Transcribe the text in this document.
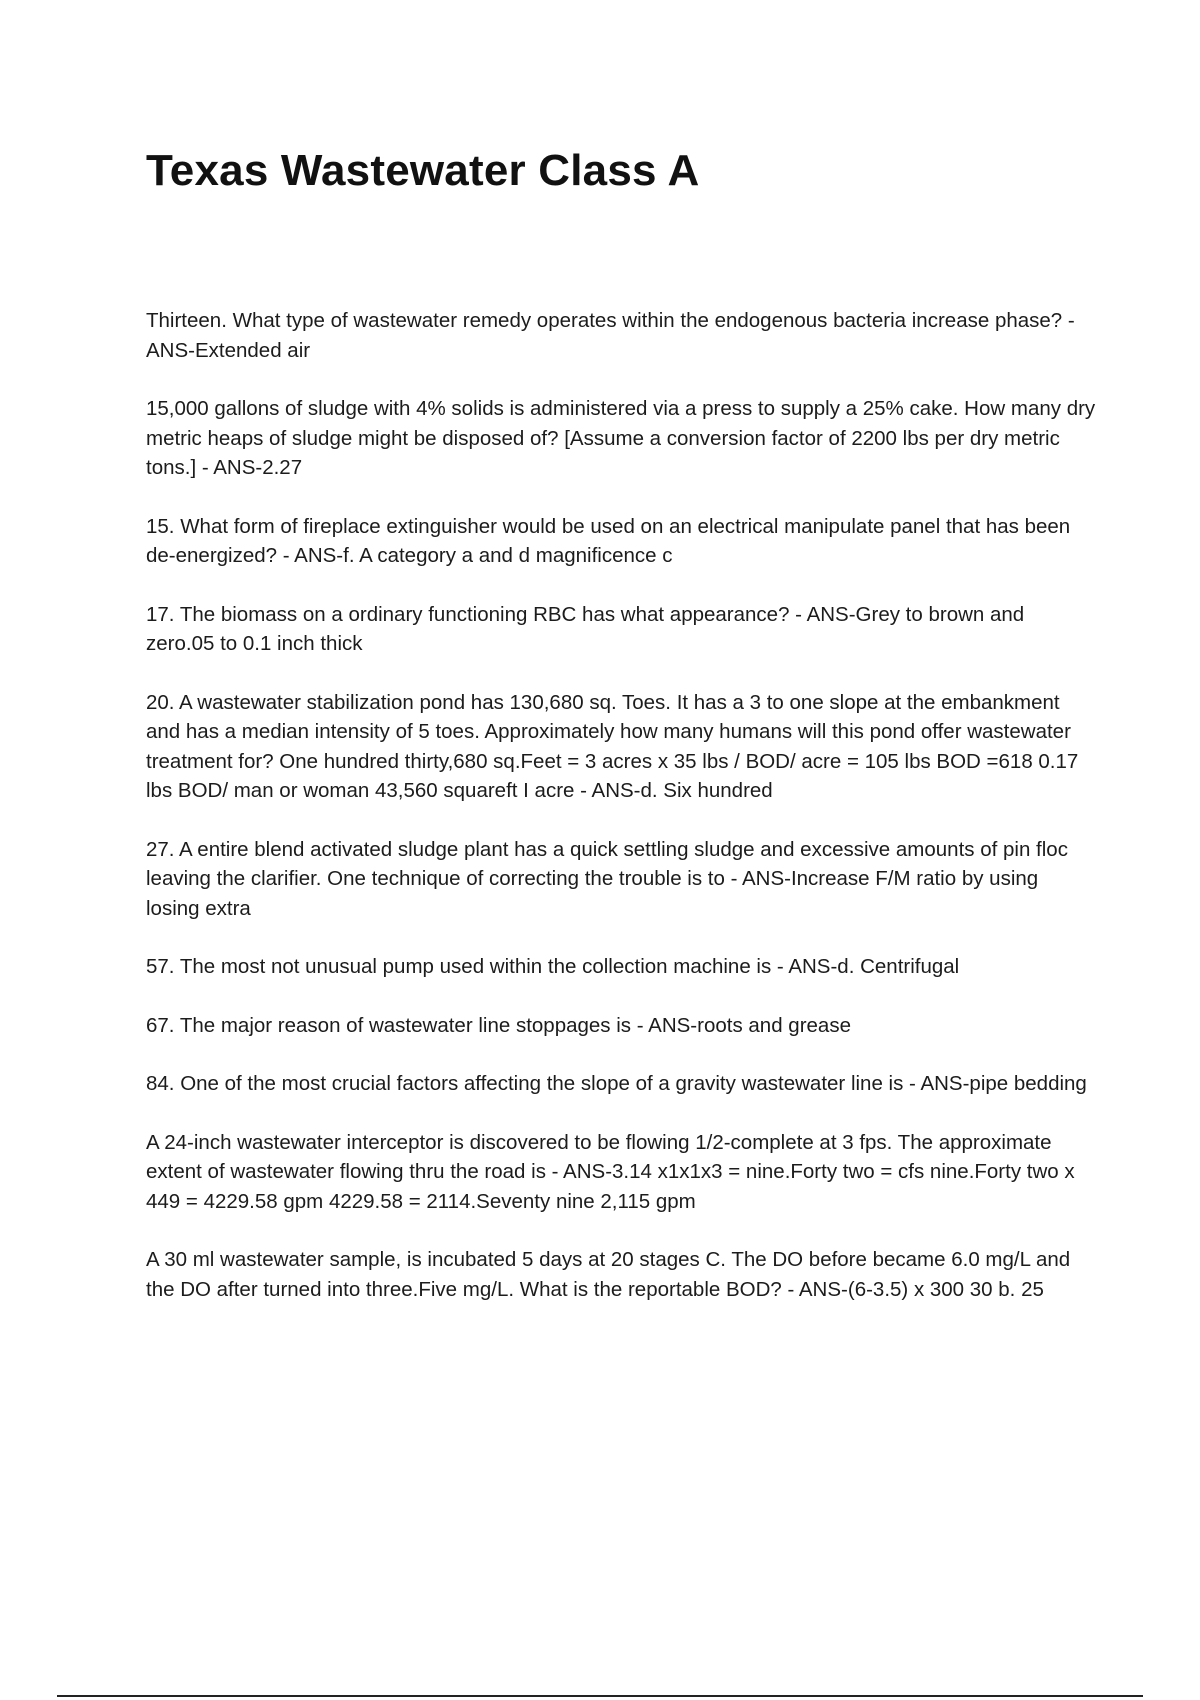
Texas Wastewater Class A
Thirteen. What type of wastewater remedy operates within the endogenous bacteria increase phase? - ANS-Extended air
15,000 gallons of sludge with 4% solids is administered via a press to supply a 25% cake. How many dry metric heaps of sludge might be disposed of? [Assume a conversion factor of 2200 lbs per dry metric tons.] - ANS-2.27
15. What form of fireplace extinguisher would be used on an electrical manipulate panel that has been de-energized? - ANS-f. A category a and d magnificence c
17. The biomass on a ordinary functioning RBC has what appearance? - ANS-Grey to brown and zero.05 to 0.1 inch thick
20. A wastewater stabilization pond has 130,680 sq. Toes. It has a 3 to one slope at the embankment and has a median intensity of 5 toes. Approximately how many humans will this pond offer wastewater treatment for? One hundred thirty,680 sq.Feet = 3 acres x 35 lbs / BOD/ acre = 105 lbs BOD =618 0.17 lbs BOD/ man or woman 43,560 squareft I acre - ANS-d. Six hundred
27. A entire blend activated sludge plant has a quick settling sludge and excessive amounts of pin floc leaving the clarifier. One technique of correcting the trouble is to - ANS-Increase F/M ratio by using losing extra
57. The most not unusual pump used within the collection machine is - ANS-d. Centrifugal
67. The major reason of wastewater line stoppages is - ANS-roots and grease
84. One of the most crucial factors affecting the slope of a gravity wastewater line is - ANS-pipe bedding
A 24-inch wastewater interceptor is discovered to be flowing 1/2-complete at 3 fps. The approximate extent of wastewater flowing thru the road is - ANS-3.14 x1x1x3 = nine.Forty two = cfs nine.Forty two x 449 = 4229.58 gpm 4229.58 = 2114.Seventy nine 2,115 gpm
A 30 ml wastewater sample, is incubated 5 days at 20 stages C. The DO before became 6.0 mg/L and the DO after turned into three.Five mg/L. What is the reportable BOD? - ANS-(6-3.5) x 300 30 b. 25
